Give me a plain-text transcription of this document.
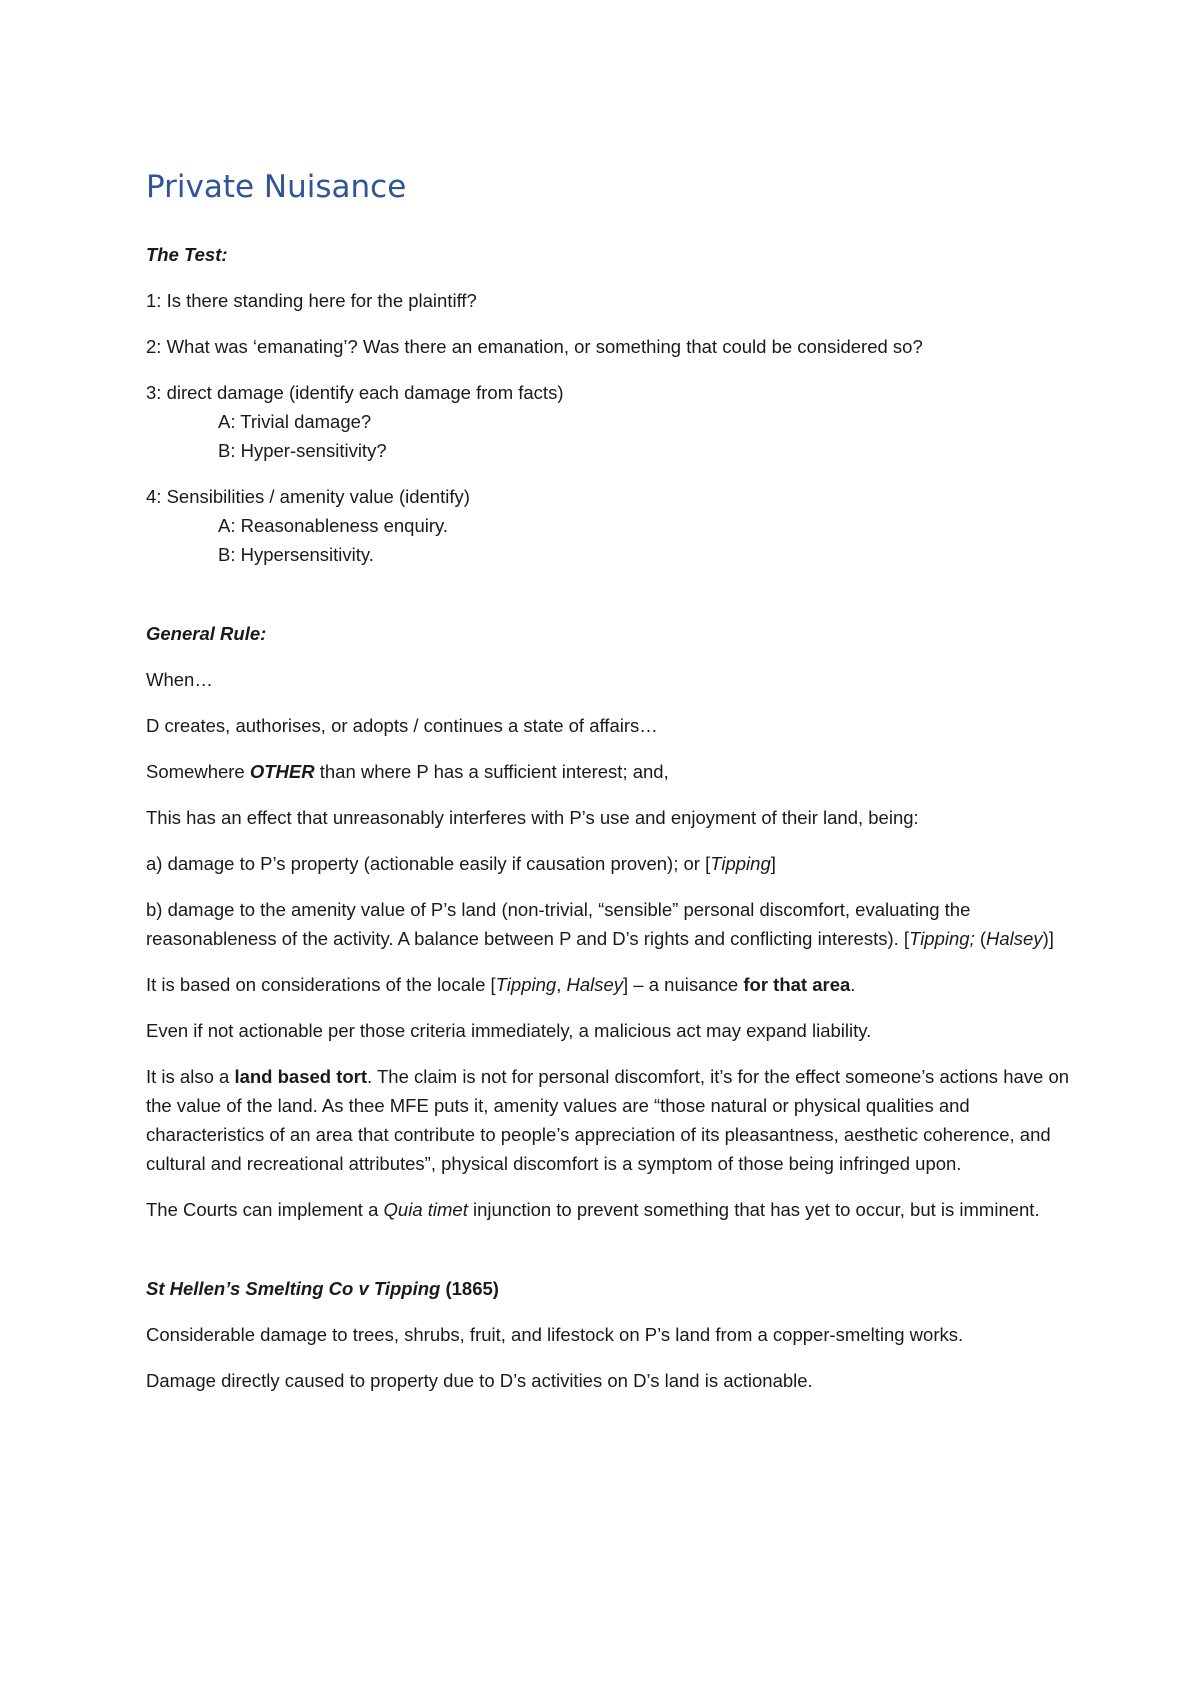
Private Nuisance

The Test:

1: Is there standing here for the plaintiff?

2: What was ‘emanating’? Was there an emanation, or something that could be considered so?

3: direct damage (identify each damage from facts)
A: Trivial damage?
B: Hyper-sensitivity?

4: Sensibilities / amenity value (identify)
A: Reasonableness enquiry.
B: Hypersensitivity.

General Rule:

When…

D creates, authorises, or adopts / continues a state of affairs…

Somewhere OTHER than where P has a sufficient interest; and,

This has an effect that unreasonably interferes with P’s use and enjoyment of their land, being:

a) damage to P’s property (actionable easily if causation proven); or [Tipping]

b) damage to the amenity value of P’s land (non-trivial, “sensible” personal discomfort, evaluating the reasonableness of the activity. A balance between P and D’s rights and conflicting interests). [Tipping; (Halsey)]

It is based on considerations of the locale [Tipping, Halsey] – a nuisance for that area.

Even if not actionable per those criteria immediately, a malicious act may expand liability.

It is also a land based tort. The claim is not for personal discomfort, it’s for the effect someone’s actions have on the value of the land. As thee MFE puts it, amenity values are “those natural or physical qualities and characteristics of an area that contribute to people’s appreciation of its pleasantness, aesthetic coherence, and cultural and recreational attributes”, physical discomfort is a symptom of those being infringed upon.

The Courts can implement a Quia timet injunction to prevent something that has yet to occur, but is imminent.

St Hellen’s Smelting Co v Tipping (1865)

Considerable damage to trees, shrubs, fruit, and lifestock on P’s land from a copper-smelting works.

Damage directly caused to property due to D’s activities on D’s land is actionable.
